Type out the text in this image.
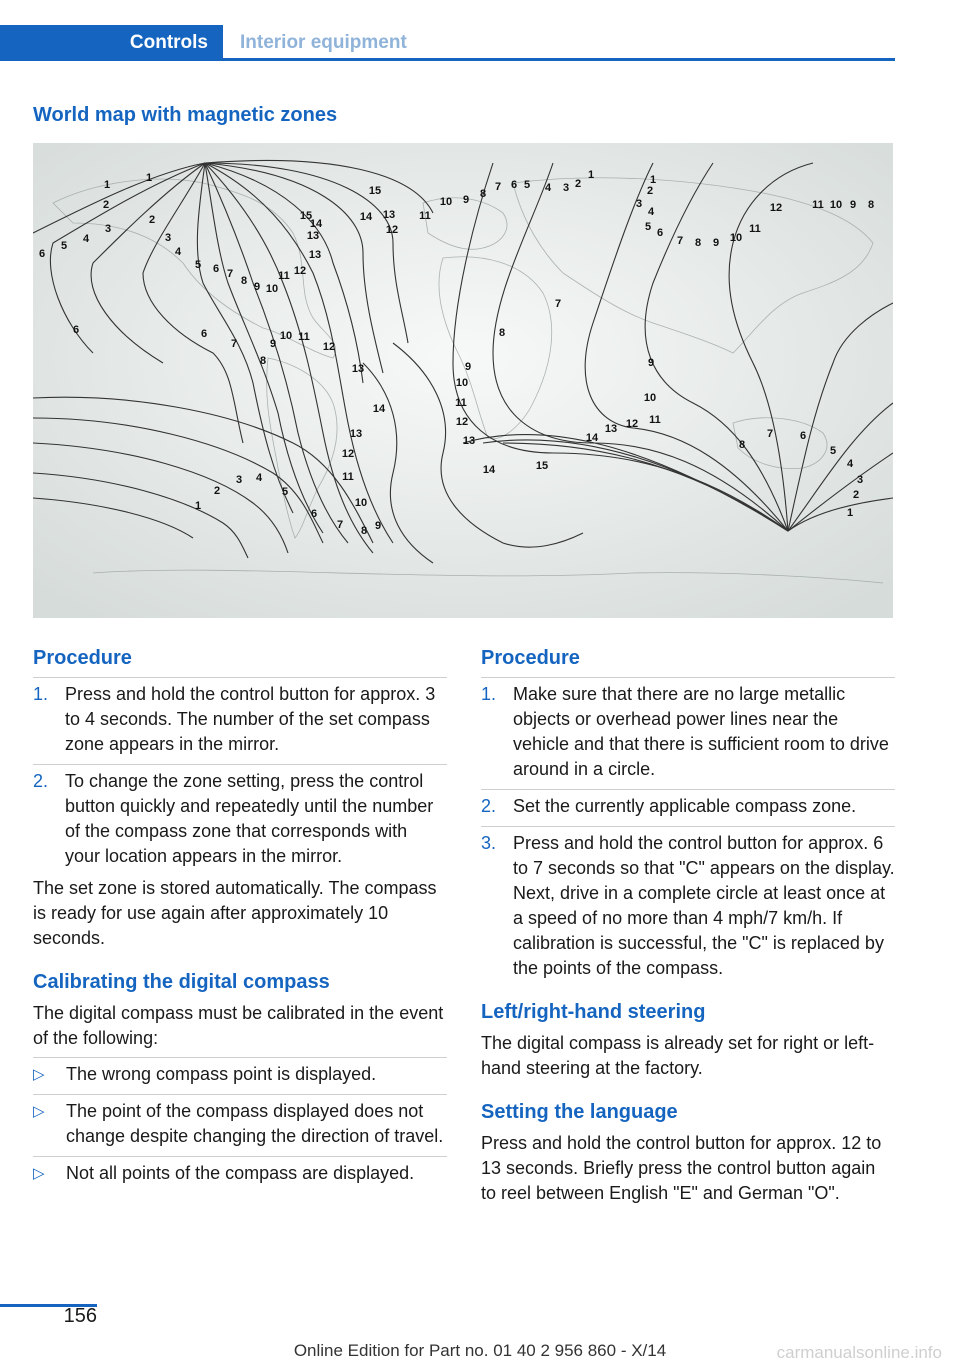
Controls Interior equipment
World map with magnetic zones
1
2
3
4
5
6
1
2
3
4
5 6 7
8 9 10
11 12
13
13
14
15	14 13
12
15
11
10 9 8
7 6 5 4 3 2
1	1
2
3
4
5 6
7 8 9 10
11
12	11 10 9 8
6	6
7
8
9
10 11
12
13
14
13
12
11
10
9
8
7
6
5
4
3
2
1
7
8
9
10
11
12
13
14	15
14
13 12 11
10
9
8
7 6
5
4
3
2
1
Procedure
1. Press and hold the control button for approx. 3 to 4 seconds. The number of the set compass zone appears in the mirror.
2. To change the zone setting, press the control button quickly and repeatedly until the number of the compass zone that corresponds with your location appears in the mirror.

The set zone is stored automatically. The compass is ready for use again after approximately 10 seconds.

Calibrating the digital compass

The digital compass must be calibrated in the event of the following:

▷	The wrong compass point is displayed.
▷	The point of the compass displayed does not change despite changing the direction of travel.
▷	Not all points of the compass are displayed.
Procedure
1. Make sure that there are no large metallic objects or overhead power lines near the vehicle and that there is sufficient room to drive around in a circle.
2. Set the currently applicable compass zone.
3. Press and hold the control button for approx. 6 to 7 seconds so that "C" appears on the display. Next, drive in a complete circle at least once at a speed of no more than 4 mph/7 km/h. If calibration is successful, the "C" is replaced by the points of the compass.
Left/right-hand steering

The digital compass is already set for right or left-hand steering at the factory.

Setting the language

Press and hold the control button for approx. 12 to 13 seconds. Briefly press the control button again to reel between English "E" and German "O".

156
Online Edition for Part no. 01 40 2 956 860 - X/14	carmanualsonline.info
